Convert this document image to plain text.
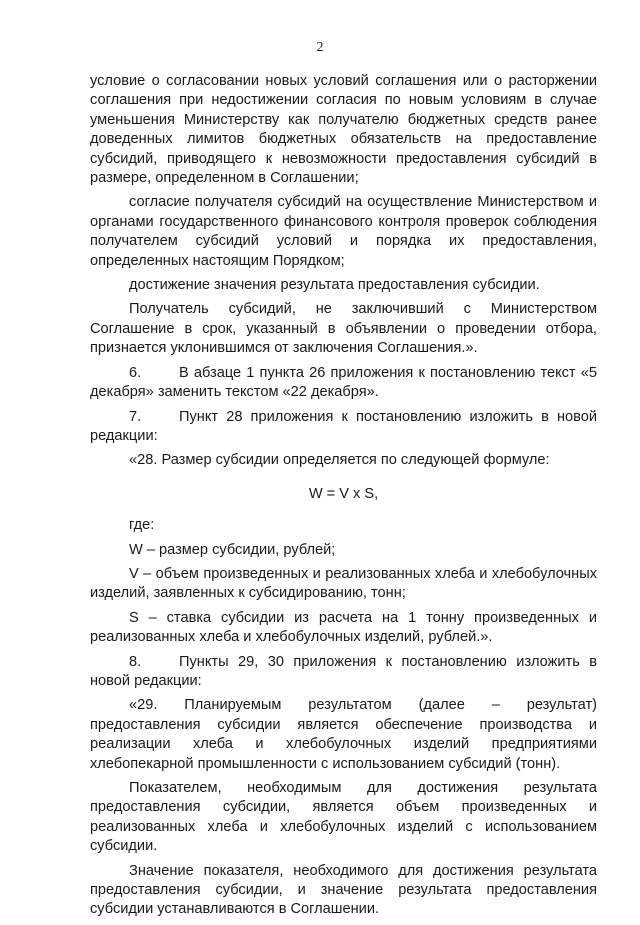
2

условие о согласовании новых условий соглашения или о расторжении соглашения при недостижении согласия по новым условиям в случае уменьшения Министерству как получателю бюджетных средств ранее доведенных лимитов бюджетных обязательств на предоставление субсидий, приводящего к невозможности предоставления субсидий в размере, определенном в Соглашении;

согласие получателя субсидий на осуществление Министерством и органами государственного финансового контроля проверок соблюдения получателем субсидий условий и порядка их предоставления, определенных настоящим Порядком;

достижение значения результата предоставления субсидии.

Получатель субсидий, не заключивший с Министерством Соглашение в срок, указанный в объявлении о проведении отбора, признается уклонившимся от заключения Соглашения.».

6.	В абзаце 1 пункта 26 приложения к постановлению текст «5 декабря» заменить текстом «22 декабря».

7.	Пункт 28 приложения к постановлению изложить в новой редакции:

«28. Размер субсидии определяется по следующей формуле:

W = V x S,

где:

W – размер субсидии, рублей;

V – объем произведенных и реализованных хлеба и хлебобулочных изделий, заявленных к субсидированию, тонн;

S – ставка субсидии из расчета на 1 тонну произведенных и реализованных хлеба и хлебобулочных изделий, рублей.».

8.	Пункты 29, 30 приложения к постановлению изложить в новой редакции:

«29. Планируемым результатом (далее – результат) предоставления субсидии является обеспечение производства и реализации хлеба и хлебобулочных изделий предприятиями хлебопекарной промышленности с использованием субсидий (тонн).

Показателем, необходимым для достижения результата предоставления субсидии, является объем произведенных и реализованных хлеба и хлебобулочных изделий с использованием субсидии.

Значение показателя, необходимого для достижения результата предоставления субсидии, и значение результата предоставления субсидии устанавливаются в Соглашении.
